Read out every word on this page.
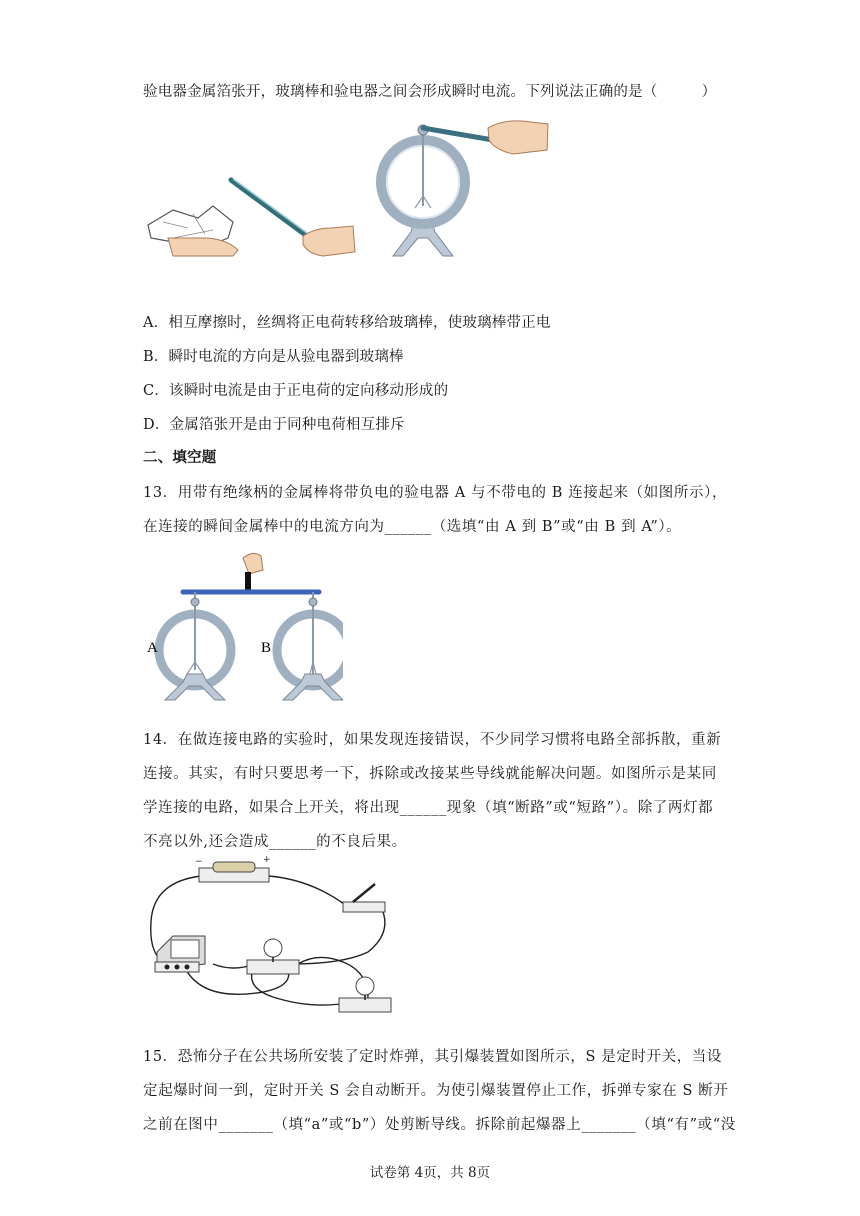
验电器金属箔张开，玻璃棒和验电器之间会形成瞬时电流。下列说法正确的是（　　　）
A．相互摩擦时，丝绸将正电荷转移给玻璃棒，使玻璃棒带正电
B．瞬时电流的方向是从验电器到玻璃棒
C．该瞬时电流是由于正电荷的定向移动形成的
D．金属箔张开是由于同种电荷相互排斥
二、填空题
13．用带有绝缘柄的金属棒将带负电的验电器 A 与不带电的 B 连接起来（如图所示），
在连接的瞬间金属棒中的电流方向为______（选填“由 A 到 B”或“由 B 到 A”）。
A	B
14．在做连接电路的实验时，如果发现连接错误，不少同学习惯将电路全部拆散，重新
连接。其实，有时只要思考一下，拆除或改接某些导线就能解决问题。如图所示是某同
学连接的电路，如果合上开关，将出现______现象（填“断路”或“短路”）。除了两灯都
不亮以外,还会造成______的不良后果。
−	+
15．恐怖分子在公共场所安装了定时炸弹，其引爆装置如图所示，S 是定时开关，当设
定起爆时间一到，定时开关 S 会自动断开。为使引爆装置停止工作，拆弹专家在 S 断开
之前在图中_______（填“a”或“b”）处剪断导线。拆除前起爆器上_______（填“有”或“没
试卷第 4页，共 8页
